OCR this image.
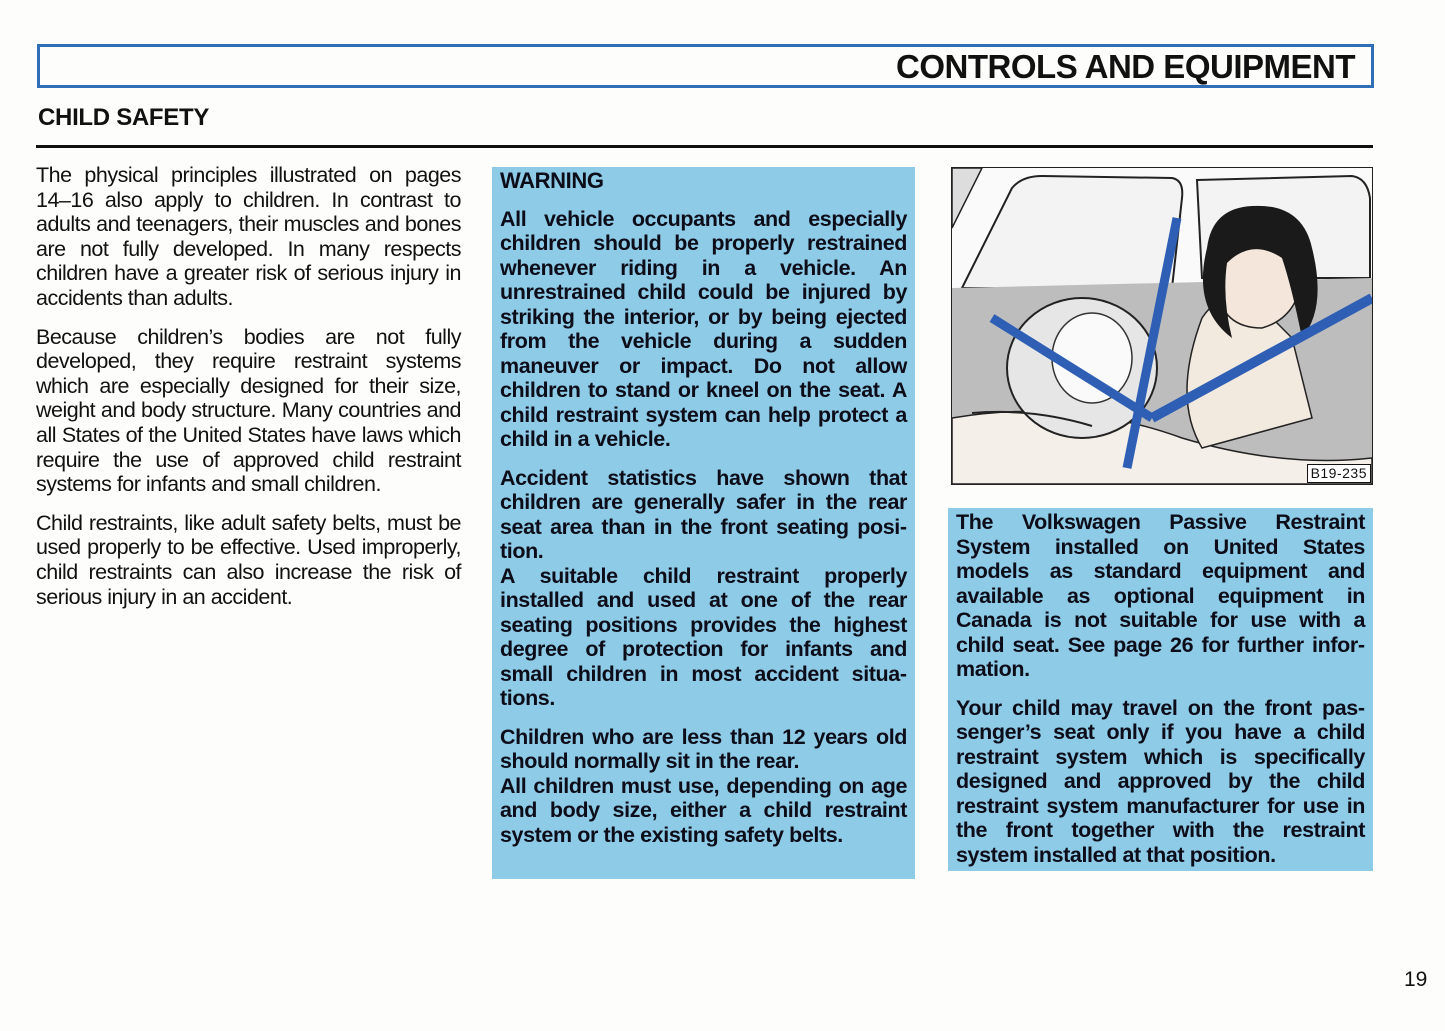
CONTROLS AND EQUIPMENT
CHILD SAFETY

The physical principles illustrated on pages 14–16 also apply to children. In contrast to adults and teenagers, their muscles and bones are not fully developed. In many respects children have a greater risk of serious injury in accidents than adults.

Because children’s bodies are not fully developed, they require restraint systems which are especially designed for their size, weight and body structure. Many countries and all States of the United States have laws which require the use of approved child restraint systems for infants and small children.

Child restraints, like adult safety belts, must be used properly to be effective. Used improperly, child restraints can also increase the risk of serious injury in an accident.

WARNING

All vehicle occupants and especially children should be properly restrained whenever riding in a vehicle. An unrestrained child could be injured by striking the interior, or by being ejected from the vehicle during a sudden maneuver or impact. Do not allow children to stand or kneel on the seat. A child restraint system can help protect a child in a vehicle.

Accident statistics have shown that children are generally safer in the rear seat area than in the front seating position.

A suitable child restraint properly installed and used at one of the rear seating positions provides the highest degree of protection for infants and small children in most accident situations.

Children who are less than 12 years old should normally sit in the rear.

All children must use, depending on age and body size, either a child restraint system or the existing safety belts.

B19-235

The Volkswagen Passive Restraint System installed on United States models as standard equipment and available as optional equipment in Canada is not suitable for use with a child seat. See page 26 for further information.

Your child may travel on the front passenger’s seat only if you have a child restraint system which is specifically designed and approved by the child restraint system manufacturer for use in the front together with the restraint system installed at that position.

19
